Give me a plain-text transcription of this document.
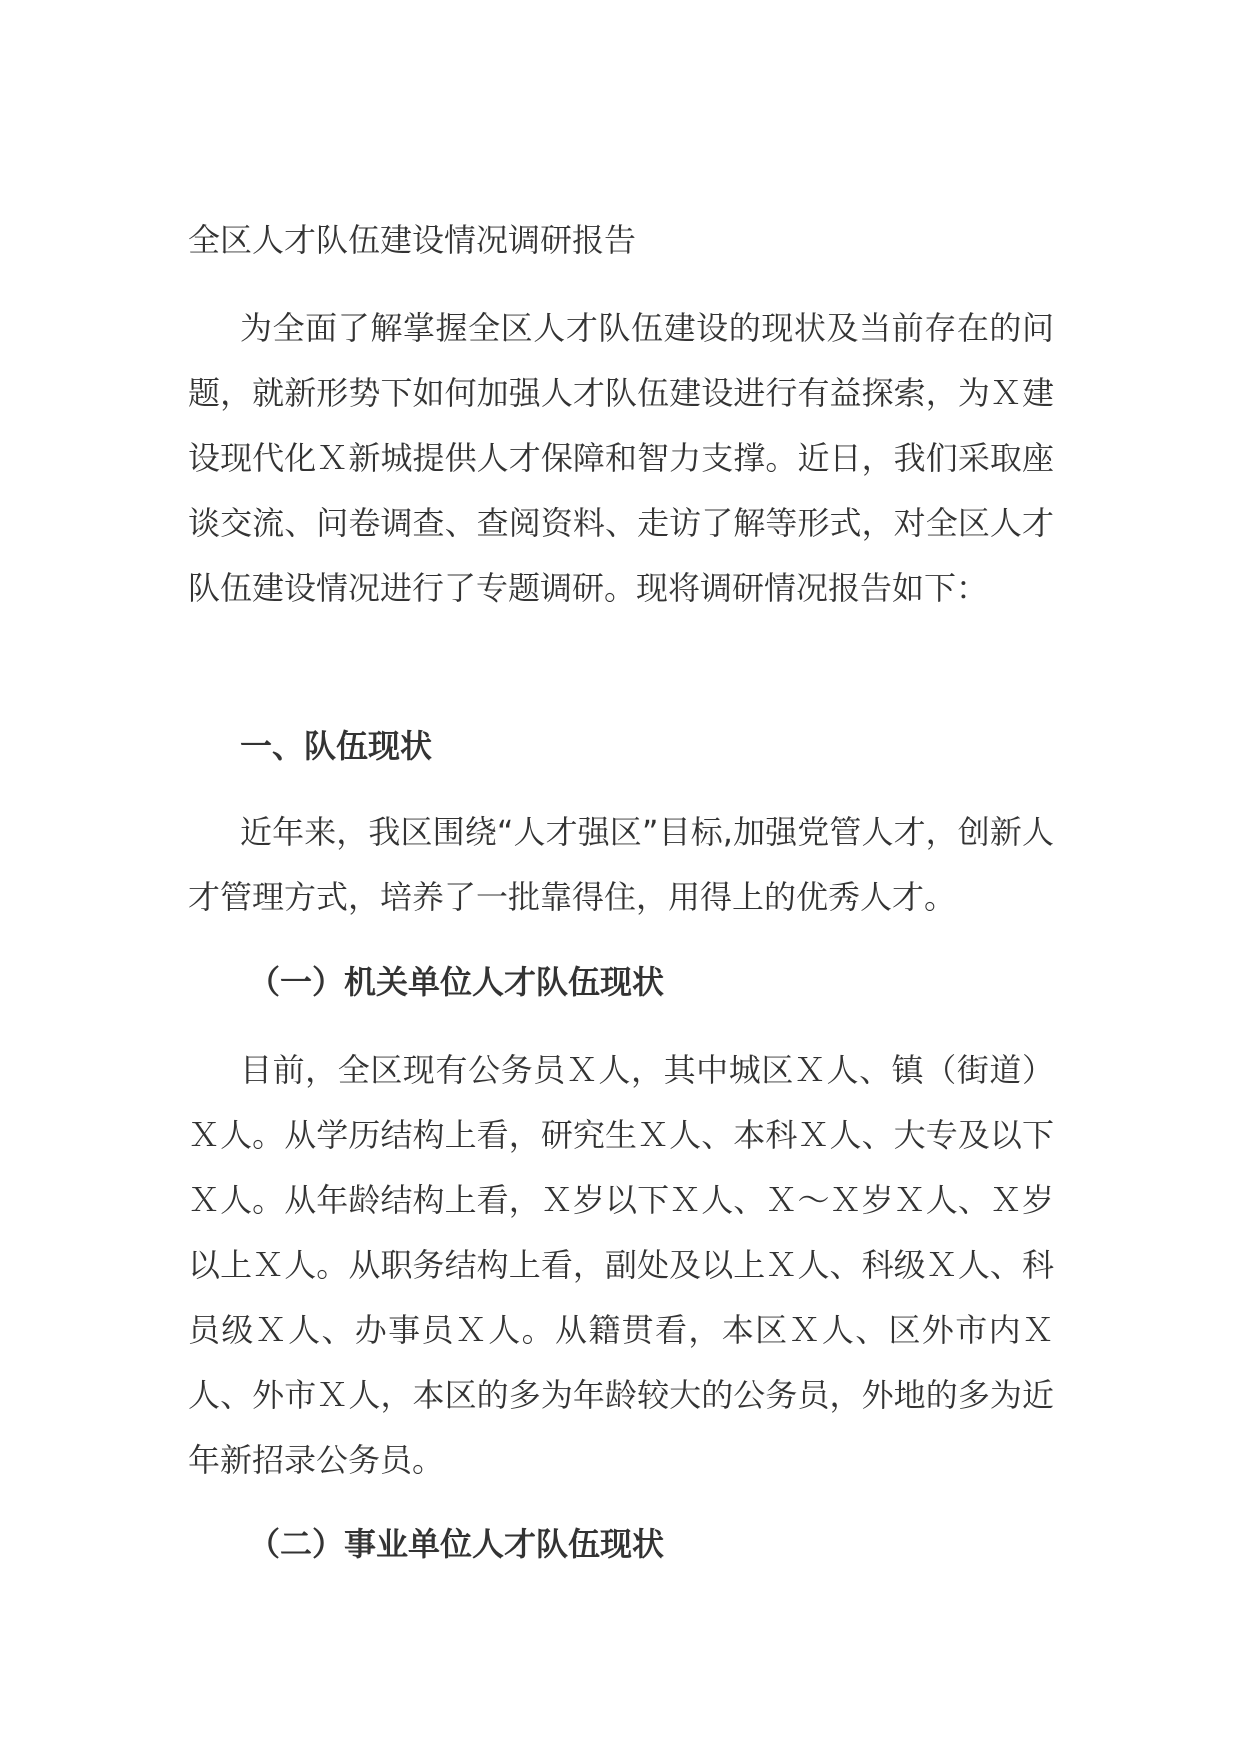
全区人才队伍建设情况调研报告

为全面了解掌握全区人才队伍建设的现状及当前存在的问题，就新形势下如何加强人才队伍建设进行有益探索，为Ｘ建设现代化Ｘ新城提供人才保障和智力支撑。近日，我们采取座谈交流、问卷调查、查阅资料、走访了解等形式，对全区人才队伍建设情况进行了专题调研。现将调研情况报告如下：

一、队伍现状

近年来，我区围绕“人才强区”目标,加强党管人才，创新人才管理方式，培养了一批靠得住，用得上的优秀人才。

（一）机关单位人才队伍现状

目前，全区现有公务员Ｘ人，其中城区Ｘ人、镇（街道）Ｘ人。从学历结构上看，研究生Ｘ人、本科Ｘ人、大专及以下Ｘ人。从年龄结构上看，Ｘ岁以下Ｘ人、Ｘ～Ｘ岁Ｘ人、Ｘ岁以上Ｘ人。从职务结构上看，副处及以上Ｘ人、科级Ｘ人、科员级Ｘ人、办事员Ｘ人。从籍贯看，本区Ｘ人、区外市内Ｘ人、外市Ｘ人，本区的多为年龄较大的公务员，外地的多为近年新招录公务员。

（二）事业单位人才队伍现状
